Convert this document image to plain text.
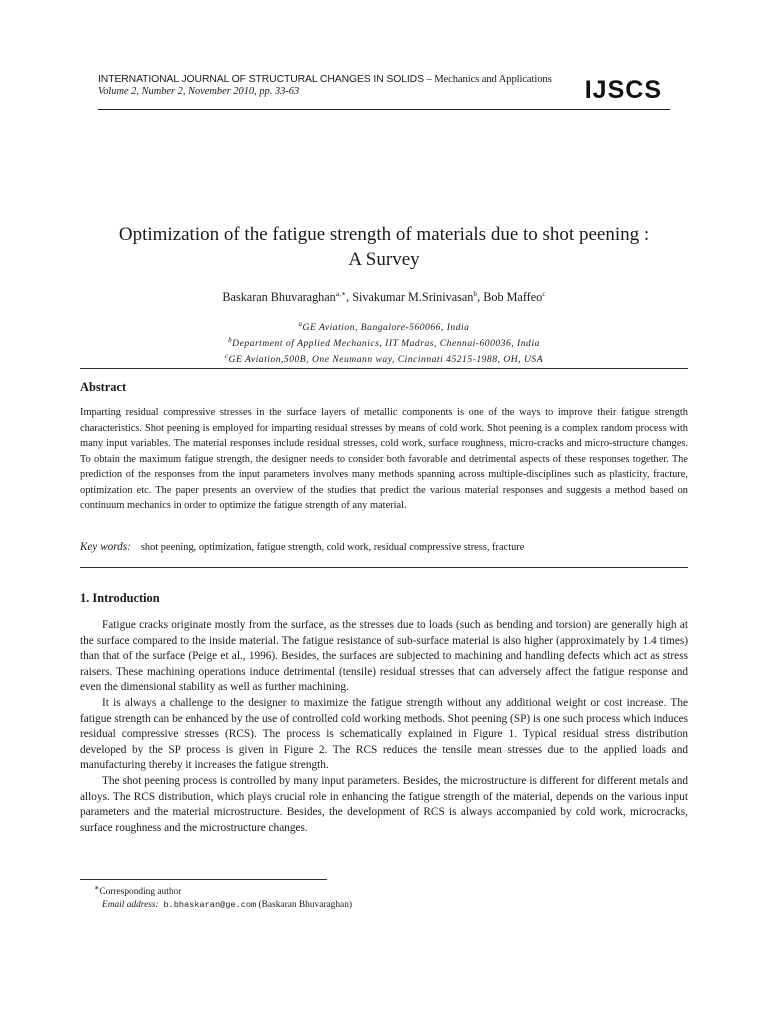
INTERNATIONAL JOURNAL OF STRUCTURAL CHANGES IN SOLIDS – Mechanics and Applications
Volume 2, Number 2, November 2010, pp. 33-63	IJSCS
Optimization of the fatigue strength of materials due to shot peening :
A Survey
Baskaran Bhuvaraghan$^{a,∗}$, Sivakumar M.Srinivasan$^b$, Bob Maffeo$^c$
$^a$GE Aviation, Bangalore-560066, India
$^b$Department of Applied Mechanics, IIT Madras, Chennai-600036, India
$^c$GE Aviation,500B, One Neumann way, Cincinnati 45215-1988, OH, USA
Abstract
Imparting residual compressive stresses in the surface layers of metallic components is one of the ways to improve their fatigue strength characteristics. Shot peening is employed for imparting residual stresses by means of cold work. Shot peening is a complex random process with many input variables. The material responses include residual stresses, cold work, surface roughness, micro-cracks and micro-structure changes. To obtain the maximum fatigue strength, the designer needs to consider both favorable and detrimental aspects of these responses together. The prediction of the responses from the input parameters involves many methods spanning across multiple-disciplines such as plasticity, fracture, optimization etc. The paper presents an overview of the studies that predict the various material responses and suggests a method based on continuum mechanics in order to optimize the fatigue strength of any material.
Key words: shot peening, optimization, fatigue strength, cold work, residual compressive stress, fracture
1. Introduction

Fatigue cracks originate mostly from the surface, as the stresses due to loads (such as bending and torsion) are generally high at the surface compared to the inside material. The fatigue resistance of sub-surface material is also higher (approximately by 1.4 times) than that of the surface (Peige et al., 1996). Besides, the surfaces are subjected to machining and handling defects which act as stress raisers. These machining operations induce detrimental (tensile) residual stresses that can adversely affect the fatigue response and even the dimensional stability as well as further machining.

It is always a challenge to the designer to maximize the fatigue strength without any additional weight or cost increase. The fatigue strength can be enhanced by the use of controlled cold working methods. Shot peening (SP) is one such process which induces residual compressive stresses (RCS). The process is schematically explained in Figure 1. Typical residual stress distribution developed by the SP process is given in Figure 2. The RCS reduces the tensile mean stresses due to the applied loads and manufacturing thereby it increases the fatigue strength.

The shot peening process is controlled by many input parameters. Besides, the microstructure is different for different metals and alloys. The RCS distribution, which plays crucial role in enhancing the fatigue strength of the material, depends on the various input parameters and the material microstructure. Besides, the development of RCS is always accompanied by cold work, microcracks, surface roughness and the microstructure changes.

∗Corresponding author
Email address: b.bhaskaran@ge.com (Baskaran Bhuvaraghan)
